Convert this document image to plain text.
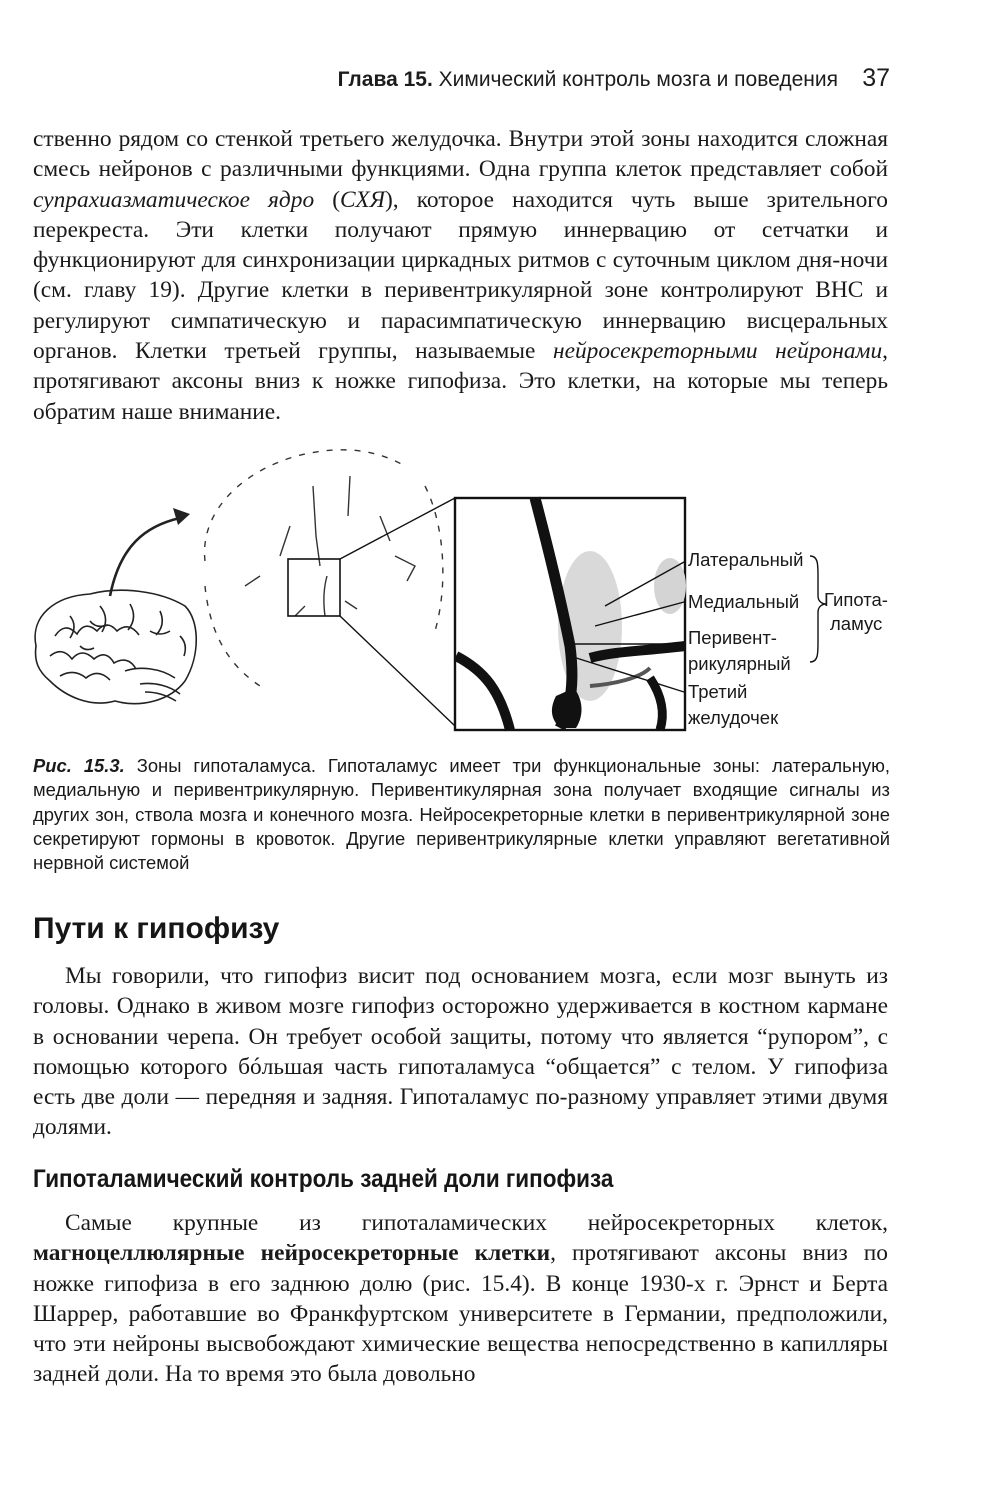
Глава 15. Химический контроль мозга и поведения 37

ственно рядом со стенкой третьего желудочка. Внутри этой зоны находится сложная смесь нейронов с различными функциями. Одна группа клеток представляет собой супрахиазматическое ядро (СХЯ), которое находится чуть выше зрительного перекреста. Эти клетки получают прямую иннервацию от сетчатки и функционируют для синхронизации циркадных ритмов с суточным циклом дня-ночи (см. главу 19). Другие клетки в перивентрикулярной зоне контролируют ВНС и регулируют симпатическую и парасимпатическую иннервацию висцеральных органов. Клетки третьей группы, называемые нейросекреторными нейронами, протягивают аксоны вниз к ножке гипофиза. Это клетки, на которые мы теперь обратим наше внимание.

Латеральный
Медиальный
Перивент-
рикулярный
Третий
желудочек
Гипота-
ламус
Рис. 15.3. Зоны гипоталамуса. Гипоталамус имеет три функциональные зоны: латеральную, медиальную и перивентрикулярную. Перивентикулярная зона получает входящие сигналы из других зон, ствола мозга и конечного мозга. Нейросекреторные клетки в перивентрикулярной зоне секретируют гормоны в кровоток. Другие перивентрикулярные клетки управляют вегетативной нервной системой
Пути к гипофизу

Мы говорили, что гипофиз висит под основанием мозга, если мозг вынуть из головы. Однако в живом мозге гипофиз осторожно удерживается в костном кармане в основании черепа. Он требует особой защиты, потому что является “рупором”, с помощью которого бóльшая часть гипоталамуса “общается” с телом. У гипофиза есть две доли — передняя и задняя. Гипоталамус по-разному управляет этими двумя долями.

Гипоталамический контроль задней доли гипофиза

Самые крупные из гипоталамических нейросекреторных клеток, магноцеллюлярные нейросекреторные клетки, протягивают аксоны вниз по ножке гипофиза в его заднюю долю (рис. 15.4). В конце 1930-х г. Эрнст и Берта Шаррер, работавшие во Франкфуртском университете в Германии, предположили, что эти нейроны высвобождают химические вещества непосредственно в капилляры задней доли. На то время это была довольно
